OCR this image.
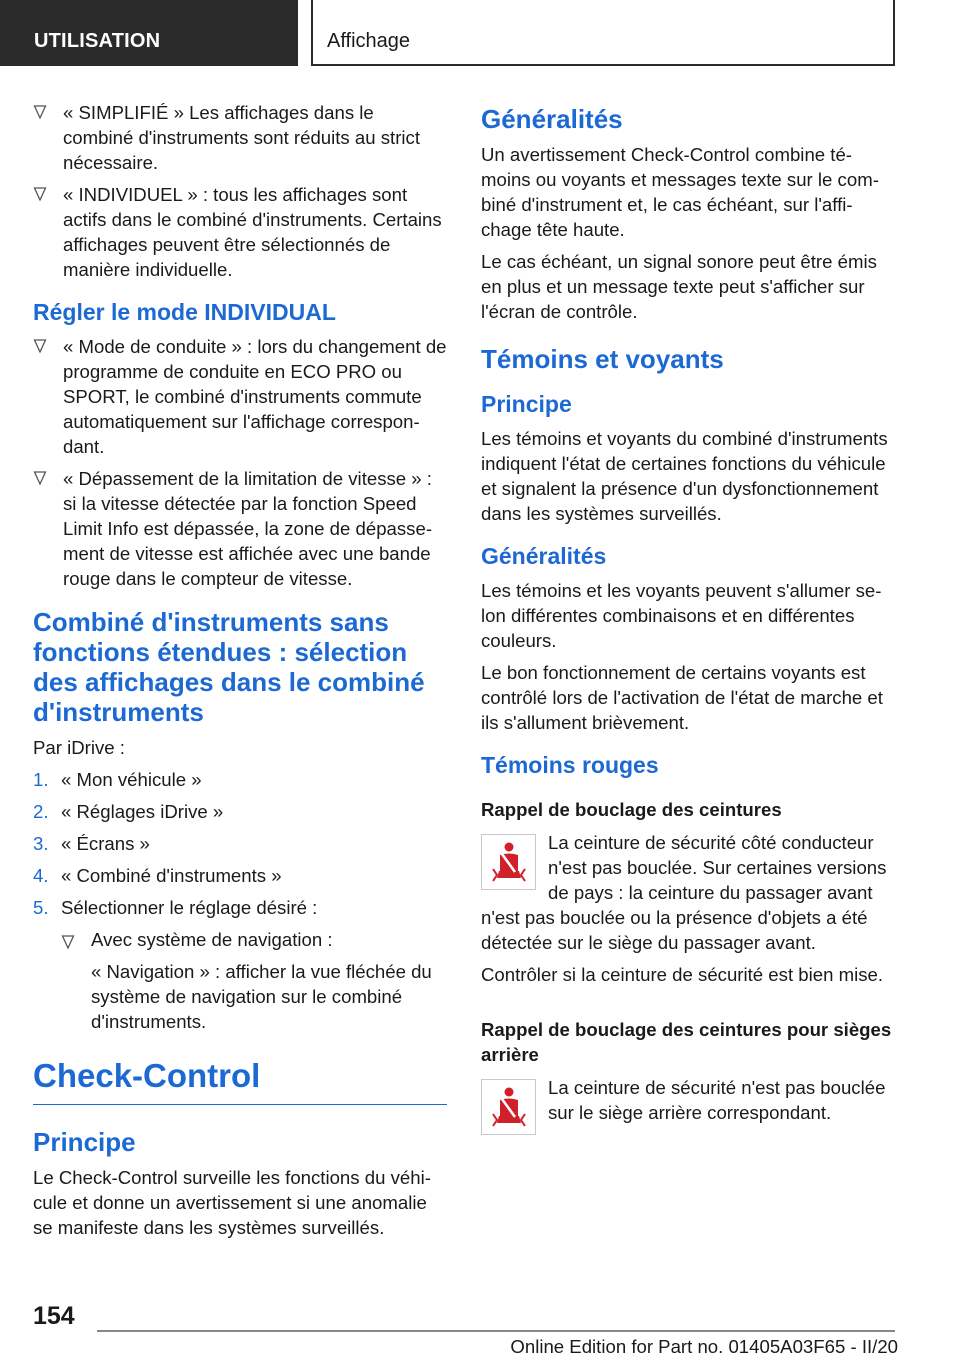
UTILISATION	Affichage
« SIMPLIFIÉ » Les affichages dans le combiné d'instruments sont réduits au strict nécessaire.
« INDIVIDUEL » : tous les affichages sont actifs dans le combiné d'instruments. Certains affichages peuvent être sélectionnés de manière individuelle.
Régler le mode INDIVIDUAL
« Mode de conduite » : lors du changement de programme de conduite en ECO PRO ou SPORT, le combiné d'instruments commute automatiquement sur l'affichage correspondant.
« Dépassement de la limitation de vitesse » : si la vitesse détectée par la fonction Speed Limit Info est dépassée, la zone de dépassement de vitesse est affichée avec une bande rouge dans le compteur de vitesse.
Combiné d'instruments sans fonctions étendues : sélection des affichages dans le combiné d'instruments

Par iDrive :

1. « Mon véhicule »
2. « Réglages iDrive »
3. « Écrans »
4. « Combiné d'instruments »
5. Sélectionner le réglage désiré :
Avec système de navigation :

« Navigation » : afficher la vue fléchée du système de navigation sur le combiné d'instruments.

Check-Control
Principe

Le Check-Control surveille les fonctions du véhicule et donne un avertissement si une anomalie se manifeste dans les systèmes surveillés.

Généralités

Un avertissement Check-Control combine témoins ou voyants et messages texte sur le combiné d'instrument et, le cas échéant, sur l'affichage tête haute.

Le cas échéant, un signal sonore peut être émis en plus et un message texte peut s'afficher sur l'écran de contrôle.

Témoins et voyants
Principe

Les témoins et voyants du combiné d'instruments indiquent l'état de certaines fonctions du véhicule et signalent la présence d'un dysfonctionnement dans les systèmes surveillés.

Généralités

Les témoins et les voyants peuvent s'allumer selon différentes combinaisons et en différentes couleurs.

Le bon fonctionnement de certains voyants est contrôlé lors de l'activation de l'état de marche et ils s'allument brièvement.

Témoins rouges
Rappel de bouclage des ceintures

La ceinture de sécurité côté conducteur n'est pas bouclée. Sur certaines versions de pays : la ceinture du passager avant n'est pas bouclée ou la présence d'objets a été détectée sur le siège du passager avant.

Contrôler si la ceinture de sécurité est bien mise.

Rappel de bouclage des ceintures pour sièges arrière

La ceinture de sécurité n'est pas bouclée sur le siège arrière correspondant.

154
Online Edition for Part no. 01405A03F65 - II/20
